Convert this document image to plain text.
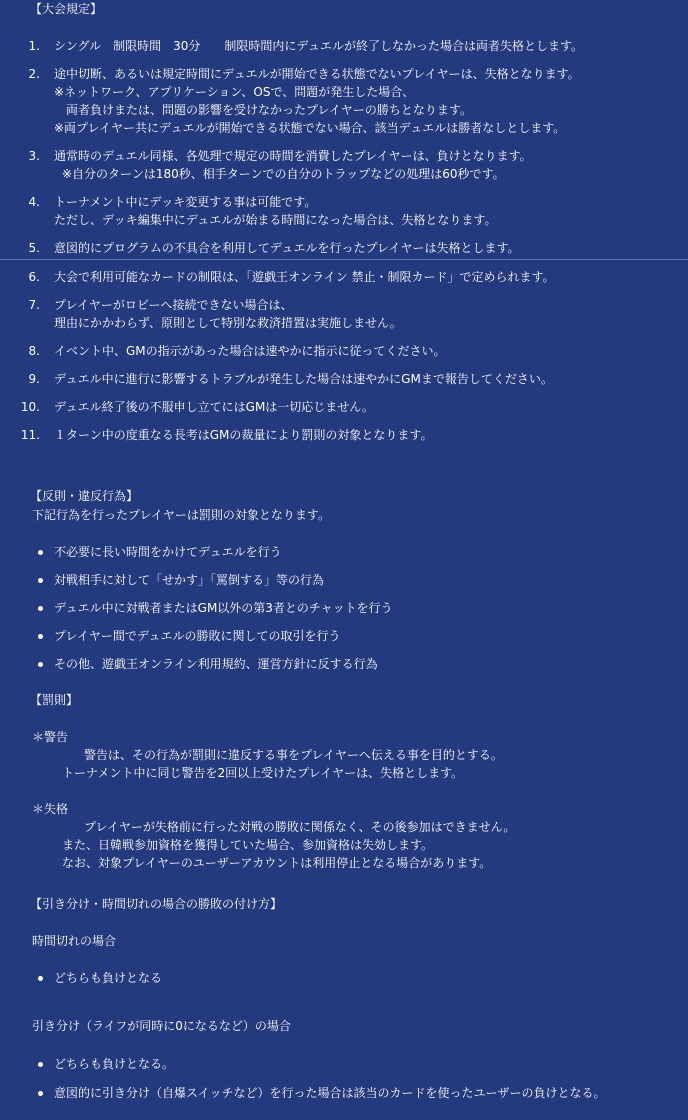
【大会規定】
1. シングル　制限時間　30分　　制限時間内にデュエルが終了しなかった場合は両者失格とします。
2. 途中切断、あるいは規定時間にデュエルが開始できる状態でないプレイヤーは、失格となります。
※ネットワーク、アプリケーション、OSで、問題が発生した場合、
両者負けまたは、問題の影響を受けなかったプレイヤーの勝ちとなります。
※両プレイヤー共にデュエルが開始できる状態でない場合、該当デュエルは勝者なしとします。
3. 通常時のデュエル同様、各処理で規定の時間を消費したプレイヤーは、負けとなります。
※自分のターンは180秒、相手ターンでの自分のトラップなどの処理は60秒です。
4. トーナメント中にデッキ変更する事は可能です。
ただし、デッキ編集中にデュエルが始まる時間になった場合は、失格となります。
5. 意図的にプログラムの不具合を利用してデュエルを行ったプレイヤーは失格とします。
6. 大会で利用可能なカードの制限は、「遊戯王オンライン 禁止・制限カード」で定められます。
7. プレイヤーがロビーへ接続できない場合は、
理由にかかわらず、原則として特別な救済措置は実施しません。
8. イベント中、GMの指示があった場合は速やかに指示に従ってください。
9. デュエル中に進行に影響するトラブルが発生した場合は速やかにGMまで報告してください。
10. デュエル終了後の不服申し立てにはGMは一切応じません。
11. １ターン中の度重なる長考はGMの裁量により罰則の対象となります。
【反則・違反行為】
下記行為を行ったプレイヤーは罰則の対象となります。
不必要に長い時間をかけてデュエルを行う
対戦相手に対して「せかす」「罵倒する」等の行為
デュエル中に対戦者またはGM以外の第3者とのチャットを行う
プレイヤー間でデュエルの勝敗に関しての取引を行う
その他、遊戯王オンライン利用規約、運営方針に反する行為
【罰則】
＊警告
警告は、その行為が罰則に違反する事をプレイヤーへ伝える事を目的とする。
トーナメント中に同じ警告を2回以上受けたプレイヤーは、失格とします。
＊失格
プレイヤーが失格前に行った対戦の勝敗に関係なく、その後参加はできません。
また、日韓戦参加資格を獲得していた場合、参加資格は失効します。
なお、対象プレイヤーのユーザーアカウントは利用停止となる場合があります。
【引き分け・時間切れの場合の勝敗の付け方】
時間切れの場合
どちらも負けとなる
引き分け（ライフが同時に0になるなど）の場合
どちらも負けとなる。
意図的に引き分け（自爆スイッチなど）を行った場合は該当のカードを使ったユーザーの負けとなる。
